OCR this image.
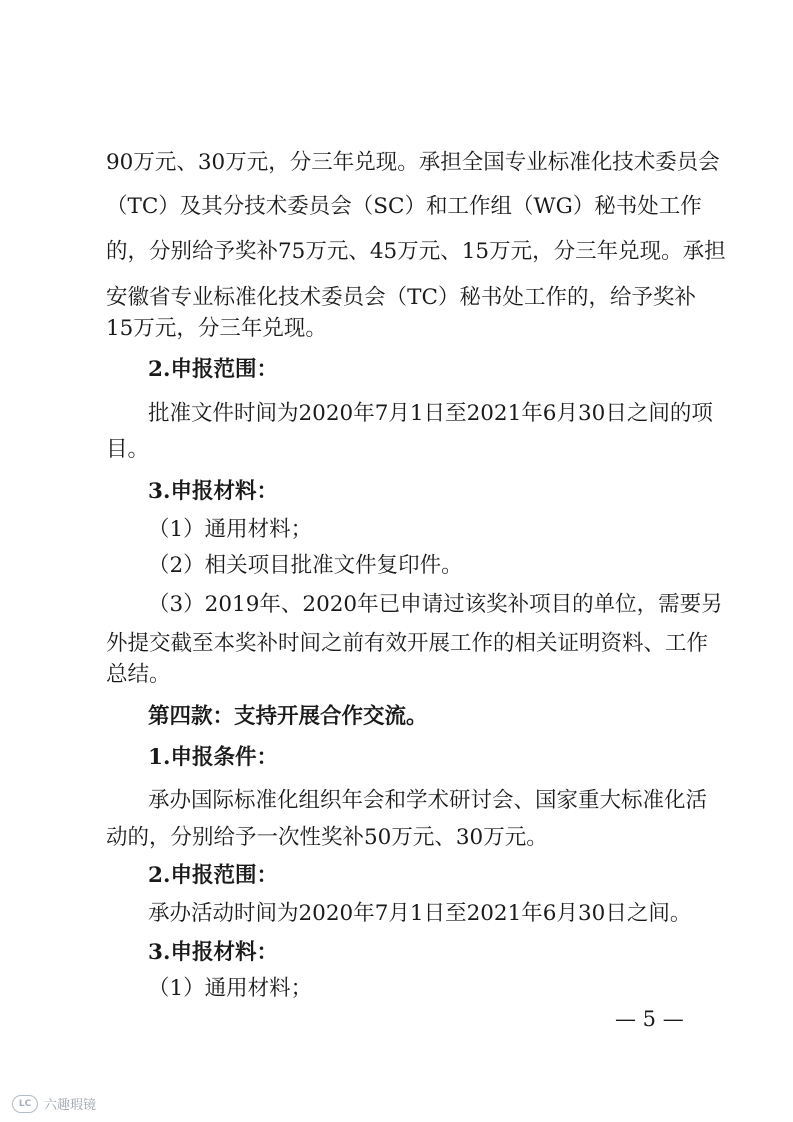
90万元、30万元，分三年兑现。承担全国专业标准化技术委员会
（TC）及其分技术委员会（SC）和工作组（WG）秘书处工作
的，分别给予奖补75万元、45万元、15万元，分三年兑现。承担
安徽省专业标准化技术委员会（TC）秘书处工作的，给予奖补
15万元，分三年兑现。
2.申报范围：
批准文件时间为2020年7月1日至2021年6月30日之间的项
目。
3.申报材料：
（1）通用材料；
（2）相关项目批准文件复印件。
（3）2019年、2020年已申请过该奖补项目的单位，需要另
外提交截至本奖补时间之前有效开展工作的相关证明资料、工作
总结。
第四款：支持开展合作交流。
1.申报条件：
承办国际标准化组织年会和学术研讨会、国家重大标准化活
动的，分别给予一次性奖补50万元、30万元。
2.申报范围：
承办活动时间为2020年7月1日至2021年6月30日之间。
3.申报材料：
（1）通用材料；
— 5 —
LC 六趣瑕镜
